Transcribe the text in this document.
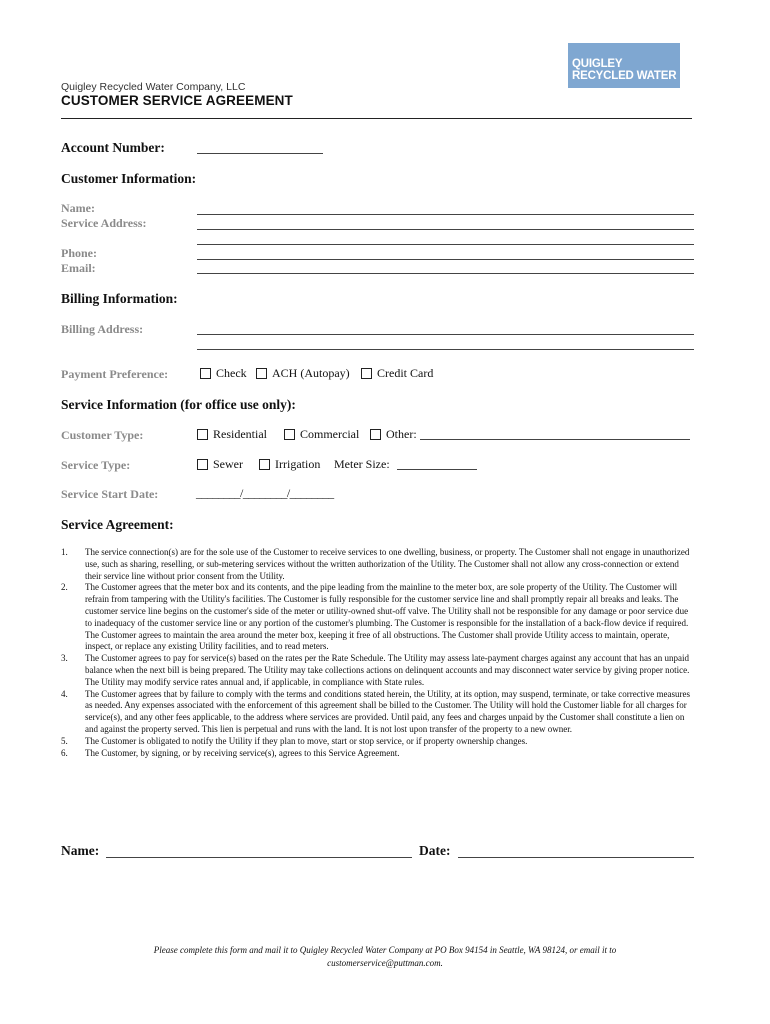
QUIGLEY
RECYCLED WATER
Quigley Recycled Water Company, LLC
CUSTOMER SERVICE AGREEMENT
Account Number:
Customer Information:
Name:
Service Address:
Phone:
Email:
Billing Information:
Billing Address:
Payment Preference:	Check ACH (Autopay) Credit Card
Service Information (for office use only):
Customer Type:	Residential	Commercial Other:
Service Type:	Sewer	Irrigation Meter Size:
Service Start Date:	________/________/________
Service Agreement:
1. The service connection(s) are for the sole use of the Customer to receive services to one dwelling, business, or property. The Customer shall not engage in unauthorized use, such as sharing, reselling, or sub-metering services without the written authorization of the Utility. The Customer shall not allow any cross-connection or extend their service line without prior consent from the Utility.
2. The Customer agrees that the meter box and its contents, and the pipe leading from the mainline to the meter box, are sole property of the Utility. The Customer will refrain from tampering with the Utility's facilities. The Customer is fully responsible for the customer service line and shall promptly repair all breaks and leaks. The customer service line begins on the customer's side of the meter or utility-owned shut-off valve. The Utility shall not be responsible for any damage or poor service due to inadequacy of the customer service line or any portion of the customer's plumbing. The Customer is responsible for the installation of a back-flow device if required. The Customer agrees to maintain the area around the meter box, keeping it free of all obstructions. The Customer shall provide Utility access to maintain, operate, inspect, or replace any existing Utility facilities, and to read meters.
3. The Customer agrees to pay for service(s) based on the rates per the Rate Schedule. The Utility may assess late-payment charges against any account that has an unpaid balance when the next bill is being prepared. The Utility may take collections actions on delinquent accounts and may disconnect water service by giving proper notice. The Utility may modify service rates annual and, if applicable, in compliance with State rules.
4. The Customer agrees that by failure to comply with the terms and conditions stated herein, the Utility, at its option, may suspend, terminate, or take corrective measures as needed. Any expenses associated with the enforcement of this agreement shall be billed to the Customer. The Utility will hold the Customer liable for all charges for service(s), and any other fees applicable, to the address where services are provided. Until paid, any fees and charges unpaid by the Customer shall constitute a lien on and against the property served. This lien is perpetual and runs with the land. It is not lost upon transfer of the property to a new owner.
5. The Customer is obligated to notify the Utility if they plan to move, start or stop service, or if property ownership changes.
6. The Customer, by signing, or by receiving service(s), agrees to this Service Agreement.
Name:	Date:
Please complete this form and mail it to Quigley Recycled Water Company at PO Box 94154 in Seattle, WA 98124, or email it to
customerservice@puttman.com.
